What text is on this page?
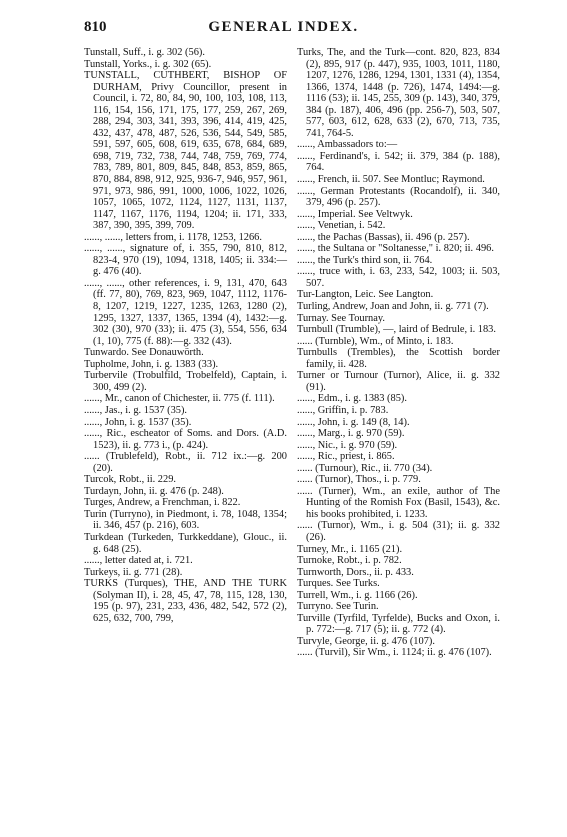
810	GENERAL INDEX.
Tunstall, Suff., i. g. 302 (56).
Tunstall, Yorks., i. g. 302 (65).
TUNSTALL, CUTHBERT, BISHOP OF DURHAM, Privy Councillor, present in Council, i. 72, 80, 84, 90, 100, 103, 108, 113, 116, 154, 156, 171, 175, 177, 259, 267, 269, 288, 294, 303, 341, 393, 396, 414, 419, 425, 432, 437, 478, 487, 526, 536, 544, 549, 585, 591, 597, 605, 608, 619, 635, 678, 684, 689, 698, 719, 732, 738, 744, 748, 759, 769, 774, 783, 789, 801, 809, 845, 848, 853, 859, 865, 870, 884, 898, 912, 925, 936-7, 946, 957, 961, 971, 973, 986, 991, 1000, 1006, 1022, 1026, 1057, 1065, 1072, 1124, 1127, 1131, 1137, 1147, 1167, 1176, 1194, 1204; ii. 171, 333, 387, 390, 395, 399, 709.
......, ......, letters from, i. 1178, 1253, 1266.
......, ......, signature of, i. 355, 790, 810, 812, 823-4, 970 (19), 1094, 1318, 1405; ii. 334:—g. 476 (40).
......, ......, other references, i. 9, 131, 470, 643 (ff. 77, 80), 769, 823, 969, 1047, 1112, 1176-8, 1207, 1219, 1227, 1235, 1263, 1280 (2), 1295, 1327, 1337, 1365, 1394 (4), 1432:—g. 302 (30), 970 (33); ii. 475 (3), 554, 556, 634 (1, 10), 775 (f. 88):—g. 332 (43).
Tunwardo. See Donauwörth.
Tupholme, John, i. g. 1383 (33).
Turbervile (Trobulfild, Trobelfeld), Captain, i. 300, 499 (2).
......, Mr., canon of Chichester, ii. 775 (f. 111).
......, Jas., i. g. 1537 (35).
......, John, i. g. 1537 (35).
......, Ric., escheator of Soms. and Dors. (A.D. 1523), ii. g. 773 i., (p. 424).
...... (Trublefeld), Robt., ii. 712 ix.:—g. 200 (20).
Turcok, Robt., ii. 229.
Turdayn, John, ii. g. 476 (p. 248).
Turges, Andrew, a Frenchman, i. 822.
Turin (Turryno), in Piedmont, i. 78, 1048, 1354; ii. 346, 457 (p. 216), 603.
Turkdean (Turkeden, Turkkeddane), Glouc., ii. g. 648 (25).
......, letter dated at, i. 721.
Turkeys, ii. g. 771 (28).
TURKS (Turques), THE, AND THE TURK (Solyman II), i. 28, 45, 47, 78, 115, 128, 130, 195 (p. 97), 231, 233, 436, 482, 542, 572 (2), 625, 632, 700, 799,
Turks, The, and the Turk—cont. 820, 823, 834 (2), 895, 917 (p. 447), 935, 1003, 1011, 1180, 1207, 1276, 1286, 1294, 1301, 1331 (4), 1354, 1366, 1374, 1448 (p. 726), 1474, 1494:—g. 1116 (53); ii. 145, 255, 309 (p. 143), 340, 379, 384 (p. 187), 406, 496 (pp. 256-7), 503, 507, 577, 603, 612, 628, 633 (2), 670, 713, 735, 741, 764-5.
......, Ambassadors to:—
......, Ferdinand's, i. 542; ii. 379, 384 (p. 188), 764.
......, French, ii. 507. See Montluc; Raymond.
......, German Protestants (Rocandolf), ii. 340, 379, 496 (p. 257).
......, Imperial. See Veltwyk.
......, Venetian, i. 542.
......, the Pachas (Bassas), ii. 496 (p. 257).
......, the Sultana or "Soltanesse," i. 820; ii. 496.
......, the Turk's third son, ii. 764.
......, truce with, i. 63, 233, 542, 1003; ii. 503, 507.
Tur-Langton, Leic. See Langton.
Turling, Andrew, Joan and John, ii. g. 771 (7).
Turnay. See Tournay.
Turnbull (Trumble), —, laird of Bedrule, i. 183.
...... (Turnble), Wm., of Minto, i. 183.
Turnbulls (Trembles), the Scottish border family, ii. 428.
Turner or Turnour (Turnor), Alice, ii. g. 332 (91).
......, Edm., i. g. 1383 (85).
......, Griffin, i. p. 783.
......, John, i. g. 149 (8, 14).
......, Marg., i. g. 970 (59).
......, Nic., i. g. 970 (59).
......, Ric., priest, i. 865.
...... (Turnour), Ric., ii. 770 (34).
...... (Turnor), Thos., i. p. 779.
...... (Turner), Wm., an exile, author of The Hunting of the Romish Fox (Basil, 1543), &c. his books prohibited, i. 1233.
...... (Turnor), Wm., i. g. 504 (31); ii. g. 332 (26).
Turney, Mr., i. 1165 (21).
Turnoke, Robt., i. p. 782.
Turnworth, Dors., ii. p. 433.
Turques. See Turks.
Turrell, Wm., i. g. 1166 (26).
Turryno. See Turin.
Turville (Tyrfild, Tyrfelde), Bucks and Oxon, i. p. 772:—g. 717 (5); ii. g. 772 (4).
Turvyle, George, ii. g. 476 (107).
...... (Turvil), Sir Wm., i. 1124; ii. g. 476 (107).
